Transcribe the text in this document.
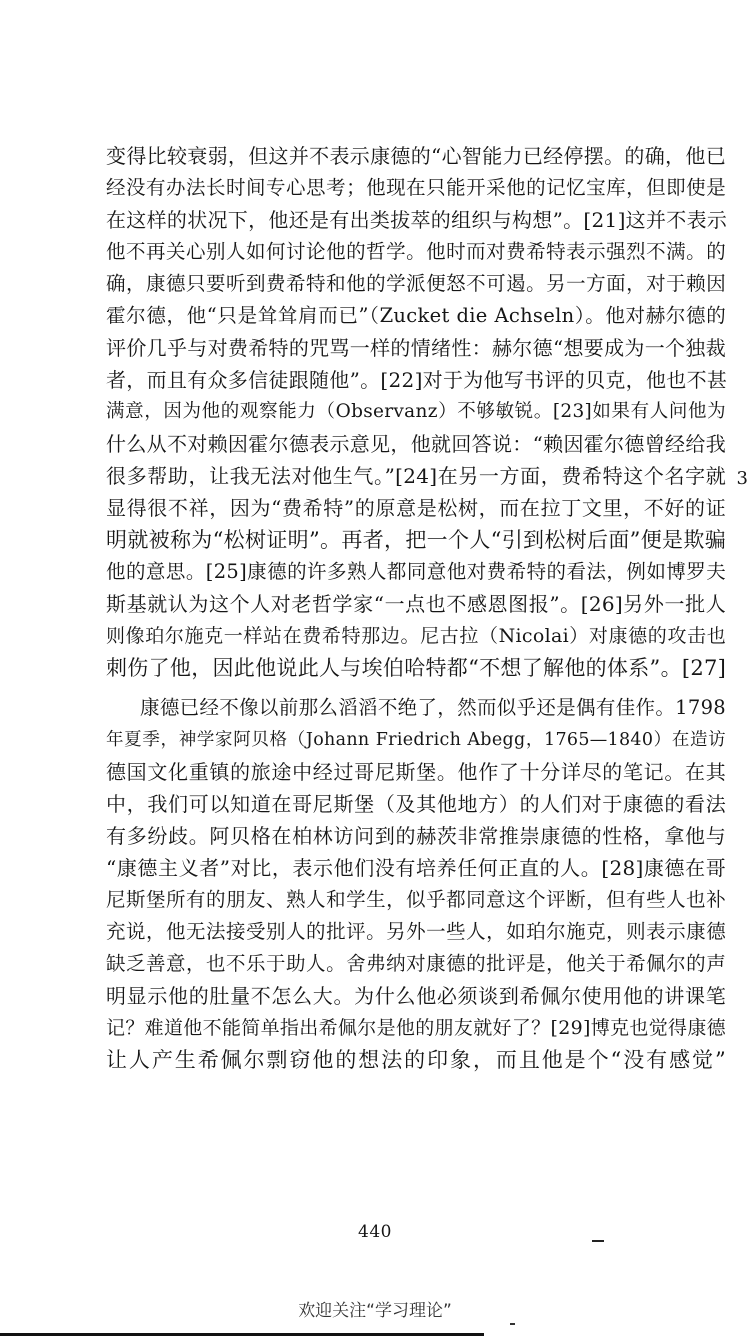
变得比较衰弱，但这并不表示康德的“心智能力已经停摆。的确，他已
经没有办法长时间专心思考；他现在只能开采他的记忆宝库，但即使是
在这样的状况下，他还是有出类拔萃的组织与构想”。[21]这并不表示
他不再关心别人如何讨论他的哲学。他时而对费希特表示强烈不满。的
确，康德只要听到费希特和他的学派便怒不可遏。另一方面，对于赖因
霍尔德，他“只是耸耸肩而已”（Zucket die Achseln）。他对赫尔德的
评价几乎与对费希特的咒骂一样的情绪性：赫尔德“想要成为一个独裁
者，而且有众多信徒跟随他”。[22]对于为他写书评的贝克，他也不甚
满意，因为他的观察能力（Observanz）不够敏锐。[23]如果有人问他为
什么从不对赖因霍尔德表示意见，他就回答说：“赖因霍尔德曾经给我
很多帮助，让我无法对他生气。”[24]在另一方面，费希特这个名字就
显得很不祥，因为“费希特”的原意是松树，而在拉丁文里，不好的证
明就被称为“松树证明”。再者，把一个人“引到松树后面”便是欺骗
他的意思。[25]康德的许多熟人都同意他对费希特的看法，例如博罗夫
斯基就认为这个人对老哲学家“一点也不感恩图报”。[26]另外一批人
则像珀尔施克一样站在费希特那边。尼古拉（Nicolai）对康德的攻击也
刺伤了他，因此他说此人与埃伯哈特都“不想了解他的体系”。[27]
康德已经不像以前那么滔滔不绝了，然而似乎还是偶有佳作。1798
年夏季，神学家阿贝格（Johann Friedrich Abegg，1765—1840）在造访
德国文化重镇的旅途中经过哥尼斯堡。他作了十分详尽的笔记。在其
中，我们可以知道在哥尼斯堡（及其他地方）的人们对于康德的看法
有多纷歧。阿贝格在柏林访问到的赫茨非常推崇康德的性格，拿他与
“康德主义者”对比，表示他们没有培养任何正直的人。[28]康德在哥
尼斯堡所有的朋友、熟人和学生，似乎都同意这个评断，但有些人也补
充说，他无法接受别人的批评。另外一些人，如珀尔施克，则表示康德
缺乏善意，也不乐于助人。舍弗纳对康德的批评是，他关于希佩尔的声
明显示他的肚量不怎么大。为什么他必须谈到希佩尔使用他的讲课笔
记？难道他不能简单指出希佩尔是他的朋友就好了？[29]博克也觉得康德
让人产生希佩尔剽窃他的想法的印象，而且他是个“没有感觉”
3
440
欢迎关注“学习理论”
